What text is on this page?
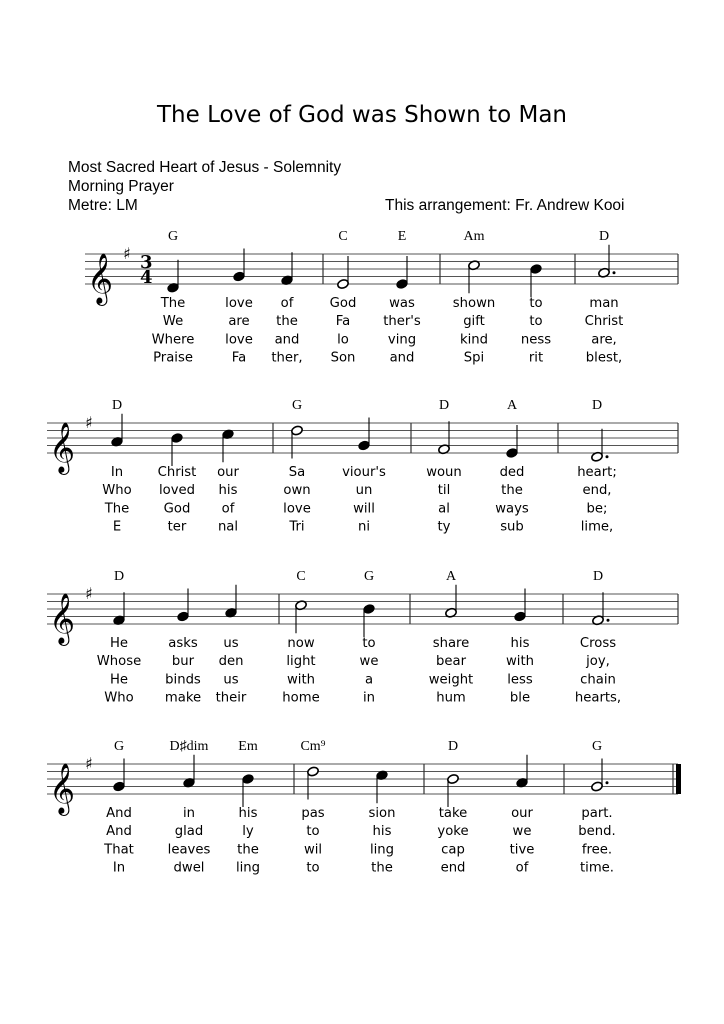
The Love of God was Shown to Man
Most Sacred Heart of Jesus - Solemnity
Morning Prayer
Metre: LM	This arrangement: Fr. Andrew Kooi
𝄞 ♯ 3
4
G	C	E	Am	D
The	love of	God was	shown	to	man
We	are the	Fa ther's	gift	to	Christ
Where love and	lo	ving	kind ness	are,
Praise	Fa ther, Son	and	Spi	rit	blest,
𝄞 ♯
D	G	D	A	D
In	Christ our	Sa	viour's	woun	ded	heart;
Who loved his	own	un	til	the	end,
The	God of	love	will	al	ways	be;
E	ter nal	Tri	ni	ty	sub	lime,
𝄞 ♯
D	C	G	A	D
He	asks us	now	to	share	his	Cross
Whose bur den	light	we	bear	with	joy,
He	binds us	with	a	weight	less	chain
Who make their	home	in	hum	ble	hearts,
𝄞 ♯
G	D♯dim Em	Cm⁹	D	G
And	in	his	pas	sion	take	our	part.
And	glad	ly	to	his	yoke	we	bend.
That	leaves the	wil	ling	cap	tive	free.
In	dwel ling	to	the	end	of	time.
